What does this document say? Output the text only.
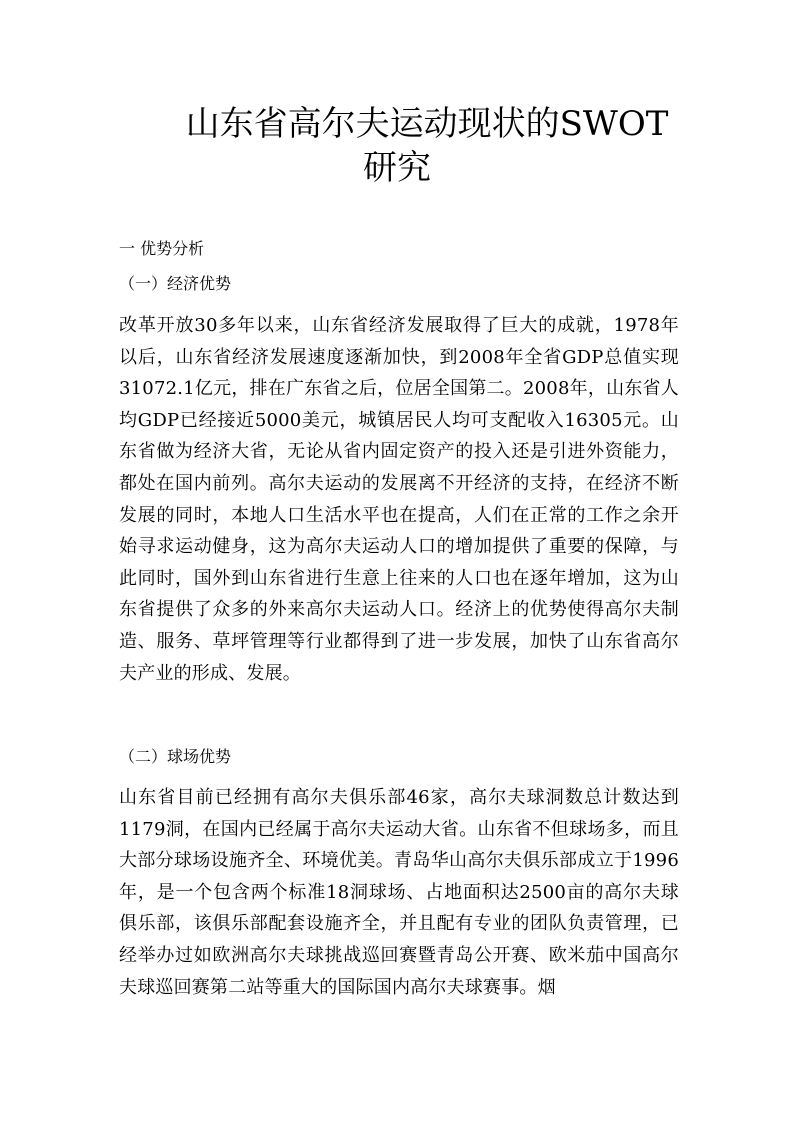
山东省高尔夫运动现状的SWOT
研究
一 优势分析
（一）经济优势

改革开放30多年以来，山东省经济发展取得了巨大的成就，1978年以后，山东省经济发展速度逐渐加快，到2008年全省GDP总值实现31072.1亿元，排在广东省之后，位居全国第二。2008年，山东省人均GDP已经接近5000美元，城镇居民人均可支配收入16305元。山东省做为经济大省，无论从省内固定资产的投入还是引进外资能力，都处在国内前列。高尔夫运动的发展离不开经济的支持，在经济不断发展的同时，本地人口生活水平也在提高，人们在正常的工作之余开始寻求运动健身，这为高尔夫运动人口的增加提供了重要的保障，与此同时，国外到山东省进行生意上往来的人口也在逐年增加，这为山东省提供了众多的外来高尔夫运动人口。经济上的优势使得高尔夫制造、服务、草坪管理等行业都得到了进一步发展，加快了山东省高尔夫产业的形成、发展。

（二）球场优势

山东省目前已经拥有高尔夫俱乐部46家，高尔夫球洞数总计数达到1179洞，在国内已经属于高尔夫运动大省。山东省不但球场多，而且大部分球场设施齐全、环境优美。青岛华山高尔夫俱乐部成立于1996年，是一个包含两个标准18洞球场、占地面积达2500亩的高尔夫球俱乐部，该俱乐部配套设施齐全，并且配有专业的团队负责管理，已经举办过如欧洲高尔夫球挑战巡回赛暨青岛公开赛、欧米茄中国高尔夫球巡回赛第二站等重大的国际国内高尔夫球赛事。烟
